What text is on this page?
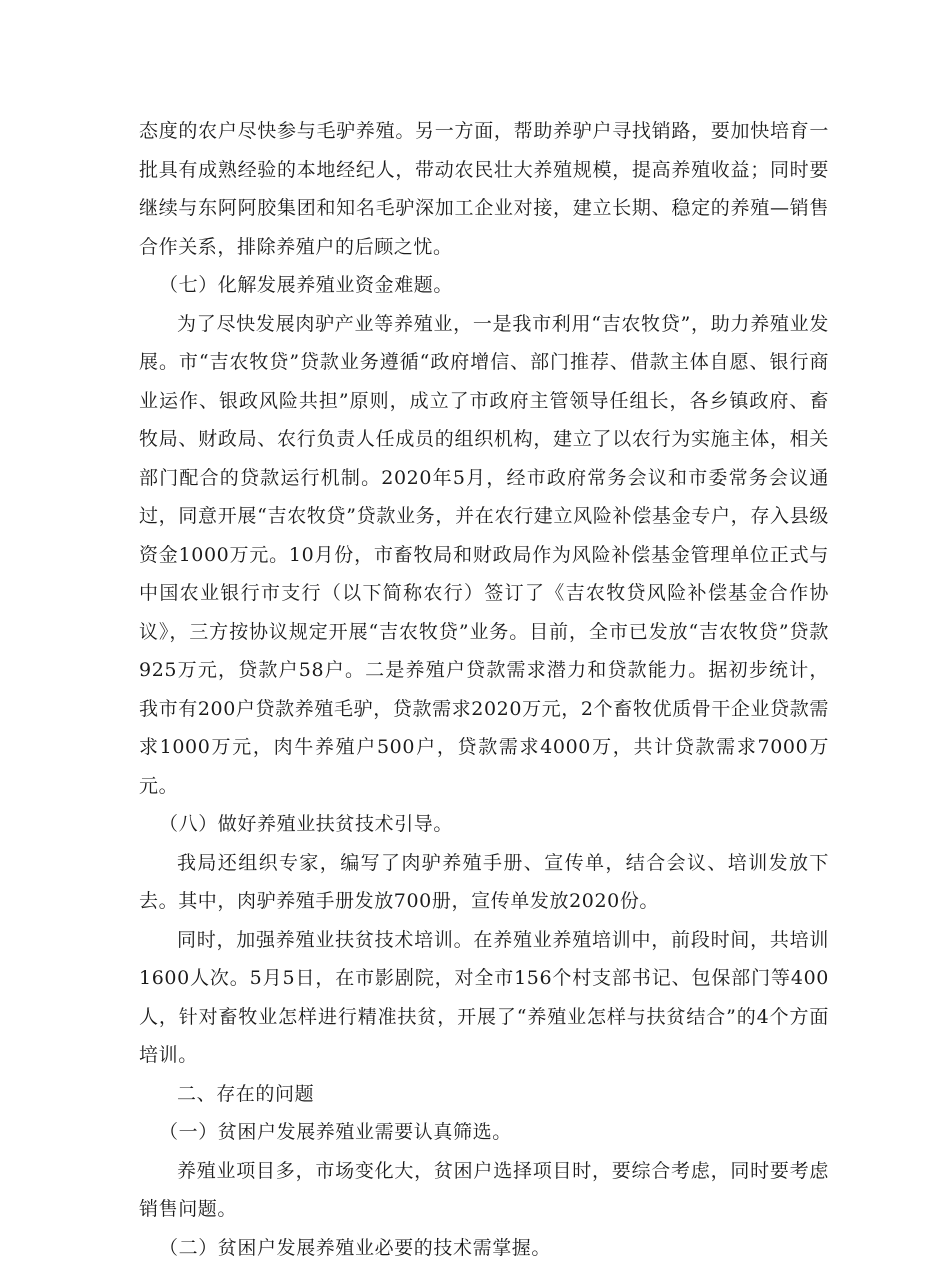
态度的农户尽快参与毛驴养殖。另一方面，帮助养驴户寻找销路，要加快培育一批具有成熟经验的本地经纪人，带动农民壮大养殖规模，提高养殖收益；同时要继续与东阿阿胶集团和知名毛驴深加工企业对接，建立长期、稳定的养殖—销售合作关系，排除养殖户的后顾之忧。

（七）化解发展养殖业资金难题。

为了尽快发展肉驴产业等养殖业，一是我市利用“吉农牧贷”，助力养殖业发展。市“吉农牧贷”贷款业务遵循“政府增信、部门推荐、借款主体自愿、银行商业运作、银政风险共担”原则，成立了市政府主管领导任组长，各乡镇政府、畜牧局、财政局、农行负责人任成员的组织机构，建立了以农行为实施主体，相关部门配合的贷款运行机制。2020年5月，经市政府常务会议和市委常务会议通过，同意开展“吉农牧贷”贷款业务，并在农行建立风险补偿基金专户，存入县级资金1000万元。10月份，市畜牧局和财政局作为风险补偿基金管理单位正式与中国农业银行市支行（以下简称农行）签订了《吉农牧贷风险补偿基金合作协议》，三方按协议规定开展“吉农牧贷”业务。目前，全市已发放“吉农牧贷”贷款925万元，贷款户58户。二是养殖户贷款需求潜力和贷款能力。据初步统计，我市有200户贷款养殖毛驴，贷款需求2020万元，2个畜牧优质骨干企业贷款需求1000万元，肉牛养殖户500户，贷款需求4000万，共计贷款需求7000万元。

（八）做好养殖业扶贫技术引导。

我局还组织专家，编写了肉驴养殖手册、宣传单，结合会议、培训发放下去。其中，肉驴养殖手册发放700册，宣传单发放2020份。

同时，加强养殖业扶贫技术培训。在养殖业养殖培训中，前段时间，共培训1600人次。5月5日，在市影剧院，对全市156个村支部书记、包保部门等400人，针对畜牧业怎样进行精准扶贫，开展了“养殖业怎样与扶贫结合”的4个方面培训。

二、存在的问题

（一）贫困户发展养殖业需要认真筛选。

养殖业项目多，市场变化大，贫困户选择项目时，要综合考虑，同时要考虑销售问题。

（二）贫困户发展养殖业必要的技术需掌握。
